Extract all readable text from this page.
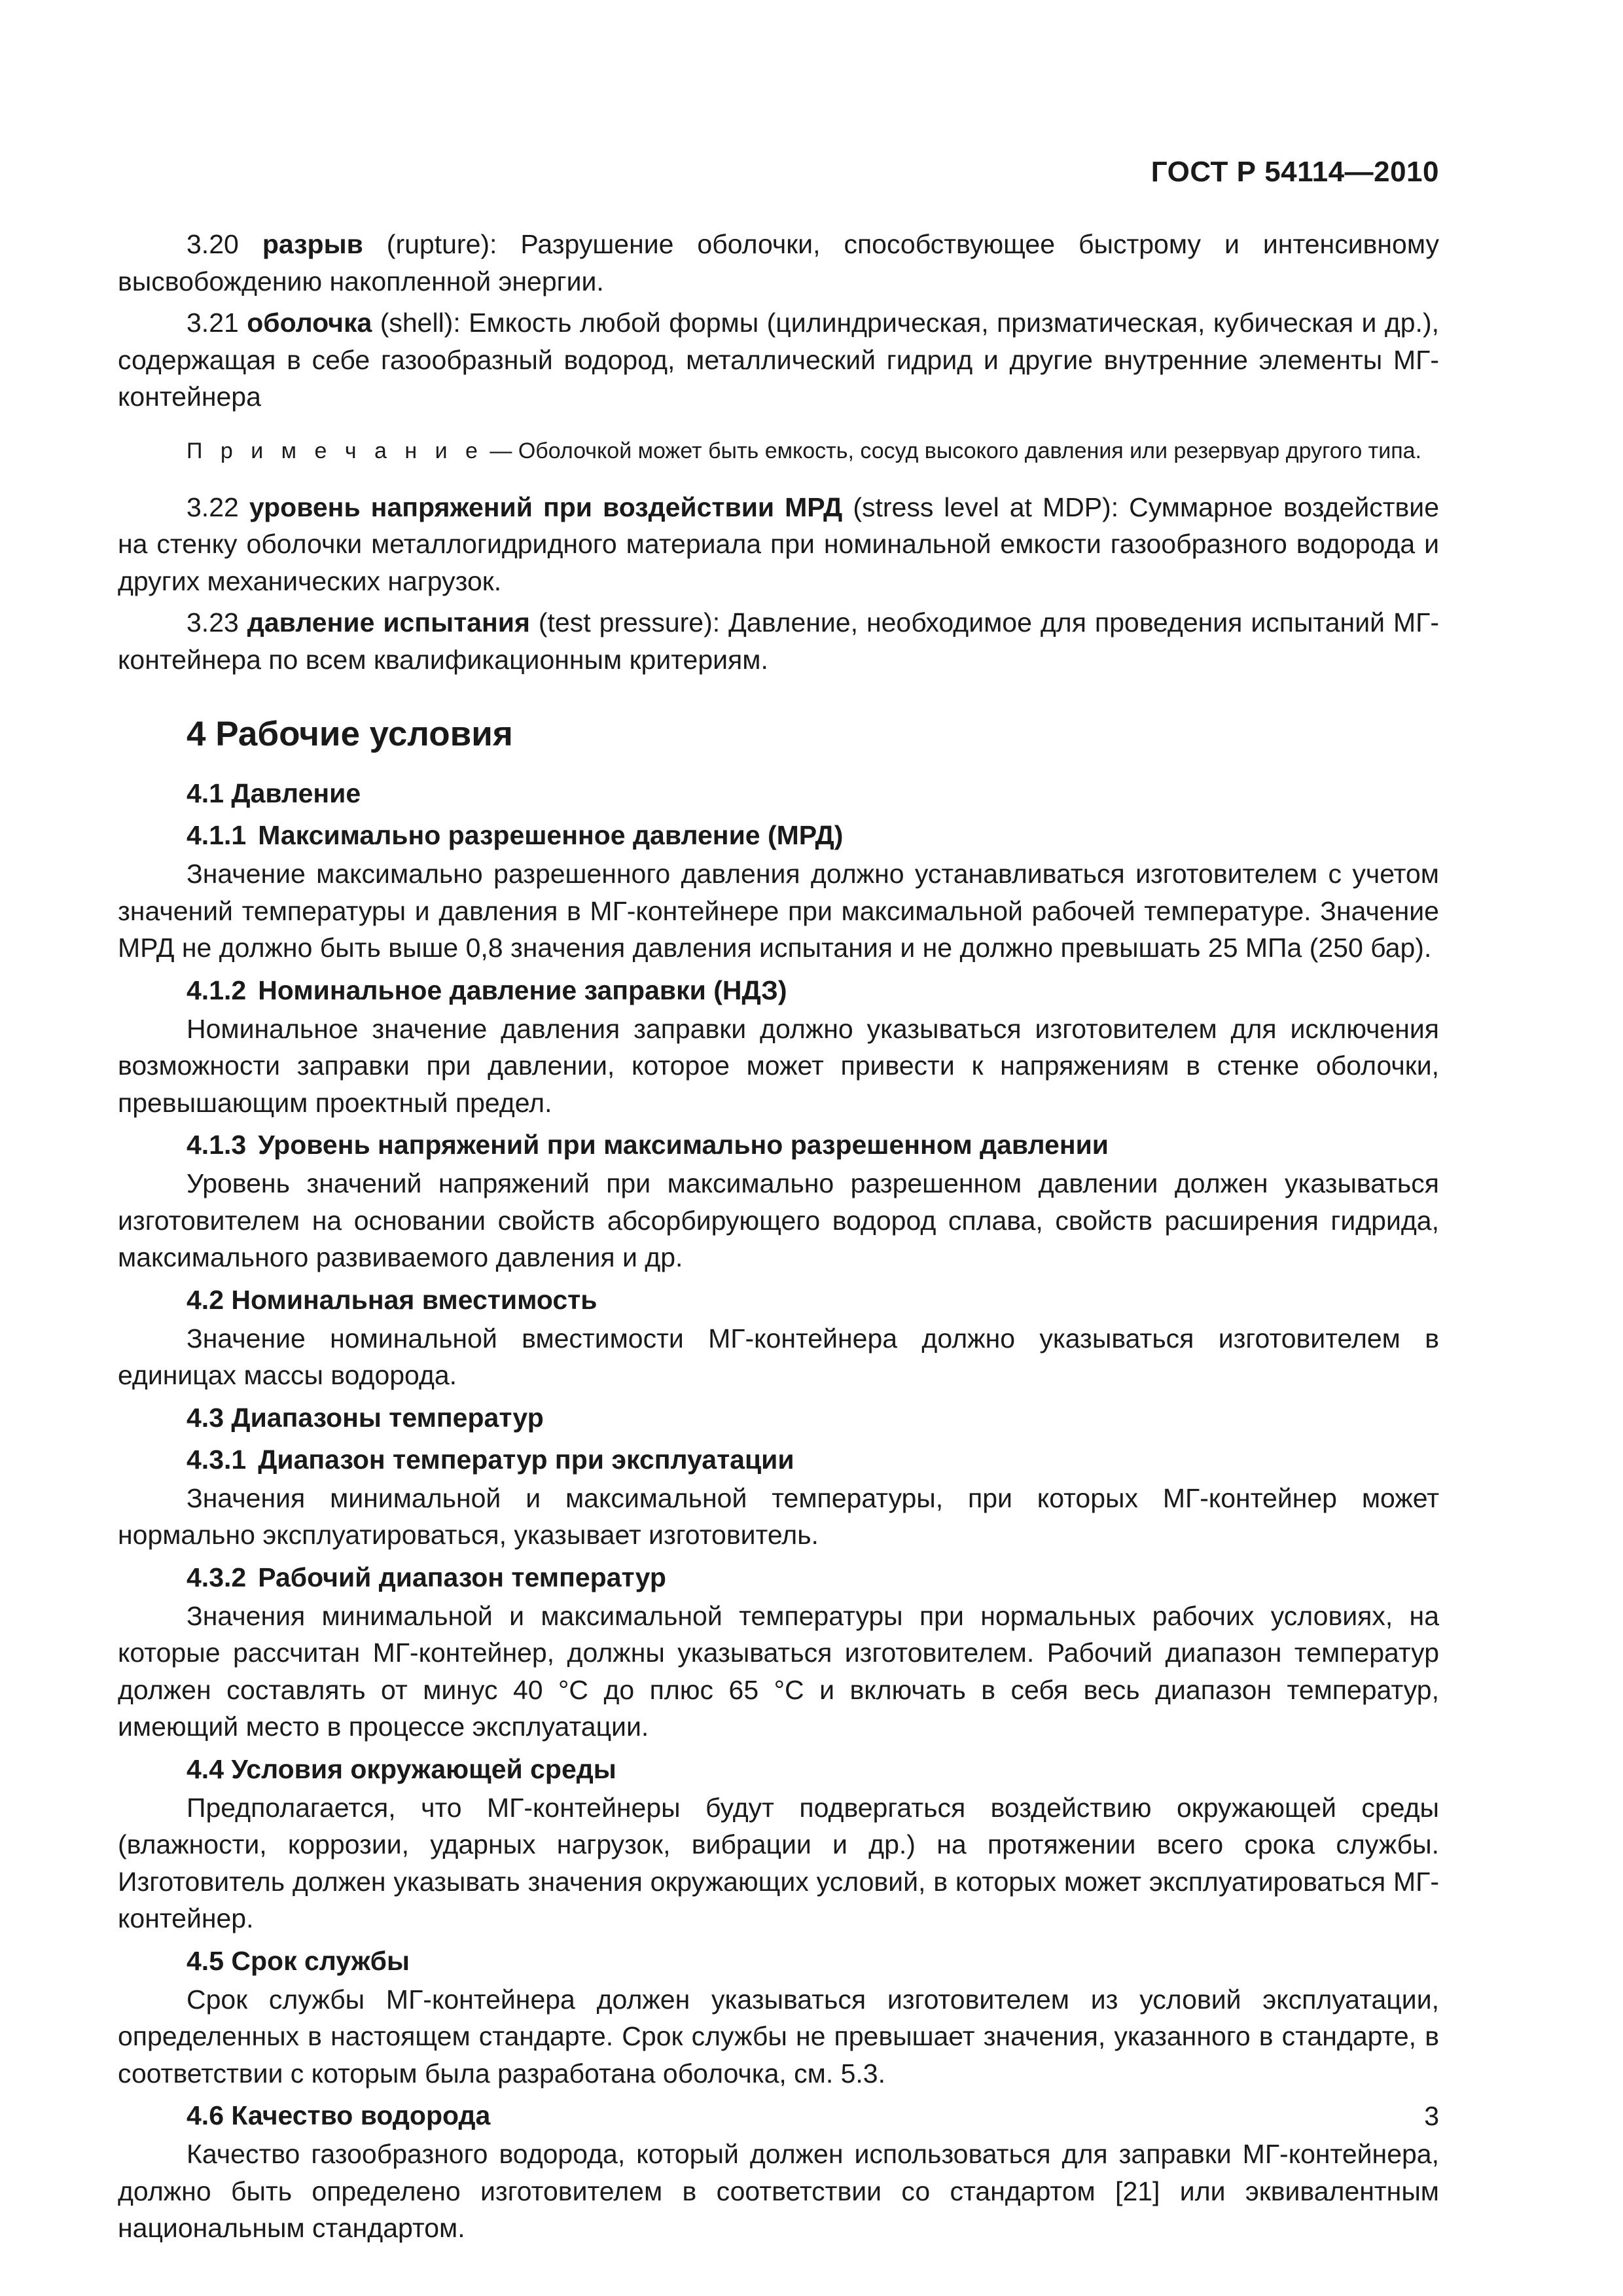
ГОСТ Р 54114—2010

3.20 разрыв (rupture): Разрушение оболочки, способствующее быстрому и интенсивному высвобождению накопленной энергии.

3.21 оболочка (shell): Емкость любой формы (цилиндрическая, призматическая, кубическая и др.), содержащая в себе газообразный водород, металлический гидрид и другие внутренние элементы МГ-контейнера

П р и м е ч а н и е — Оболочкой может быть емкость, сосуд высокого давления или резервуар другого типа.

3.22 уровень напряжений при воздействии МРД (stress level at MDP): Суммарное воздействие на стенку оболочки металлогидридного материала при номинальной емкости газообразного водорода и других механических нагрузок.

3.23 давление испытания (test pressure): Давление, необходимое для проведения испытаний МГ-контейнера по всем квалификационным критериям.

4 Рабочие условия
4.1 Давление
4.1.1 Максимально разрешенное давление (МРД)

Значение максимально разрешенного давления должно устанавливаться изготовителем с учетом значений температуры и давления в МГ-контейнере при максимальной рабочей температуре. Значение МРД не должно быть выше 0,8 значения давления испытания и не должно превышать 25 МПа (250 бар).

4.1.2 Номинальное давление заправки (НДЗ)

Номинальное значение давления заправки должно указываться изготовителем для исключения возможности заправки при давлении, которое может привести к напряжениям в стенке оболочки, превышающим проектный предел.

4.1.3 Уровень напряжений при максимально разрешенном давлении

Уровень значений напряжений при максимально разрешенном давлении должен указываться изготовителем на основании свойств абсорбирующего водород сплава, свойств расширения гидрида, максимального развиваемого давления и др.

4.2 Номинальная вместимость

Значение номинальной вместимости МГ-контейнера должно указываться изготовителем в единицах массы водорода.

4.3 Диапазоны температур
4.3.1 Диапазон температур при эксплуатации

Значения минимальной и максимальной температуры, при которых МГ-контейнер может нормально эксплуатироваться, указывает изготовитель.

4.3.2 Рабочий диапазон температур

Значения минимальной и максимальной температуры при нормальных рабочих условиях, на которые рассчитан МГ-контейнер, должны указываться изготовителем. Рабочий диапазон температур должен составлять от минус 40 °С до плюс 65 °С и включать в себя весь диапазон температур, имеющий место в процессе эксплуатации.

4.4 Условия окружающей среды

Предполагается, что МГ-контейнеры будут подвергаться воздействию окружающей среды (влажности, коррозии, ударных нагрузок, вибрации и др.) на протяжении всего срока службы. Изготовитель должен указывать значения окружающих условий, в которых может эксплуатироваться МГ-контейнер.

4.5 Срок службы

Срок службы МГ-контейнера должен указываться изготовителем из условий эксплуатации, определенных в настоящем стандарте. Срок службы не превышает значения, указанного в стандарте, в соответствии с которым была разработана оболочка, см. 5.3.

4.6 Качество водорода

Качество газообразного водорода, который должен использоваться для заправки МГ-контейнера, должно быть определено изготовителем в соответствии со стандартом [21] или эквивалентным национальным стандартом.

3
